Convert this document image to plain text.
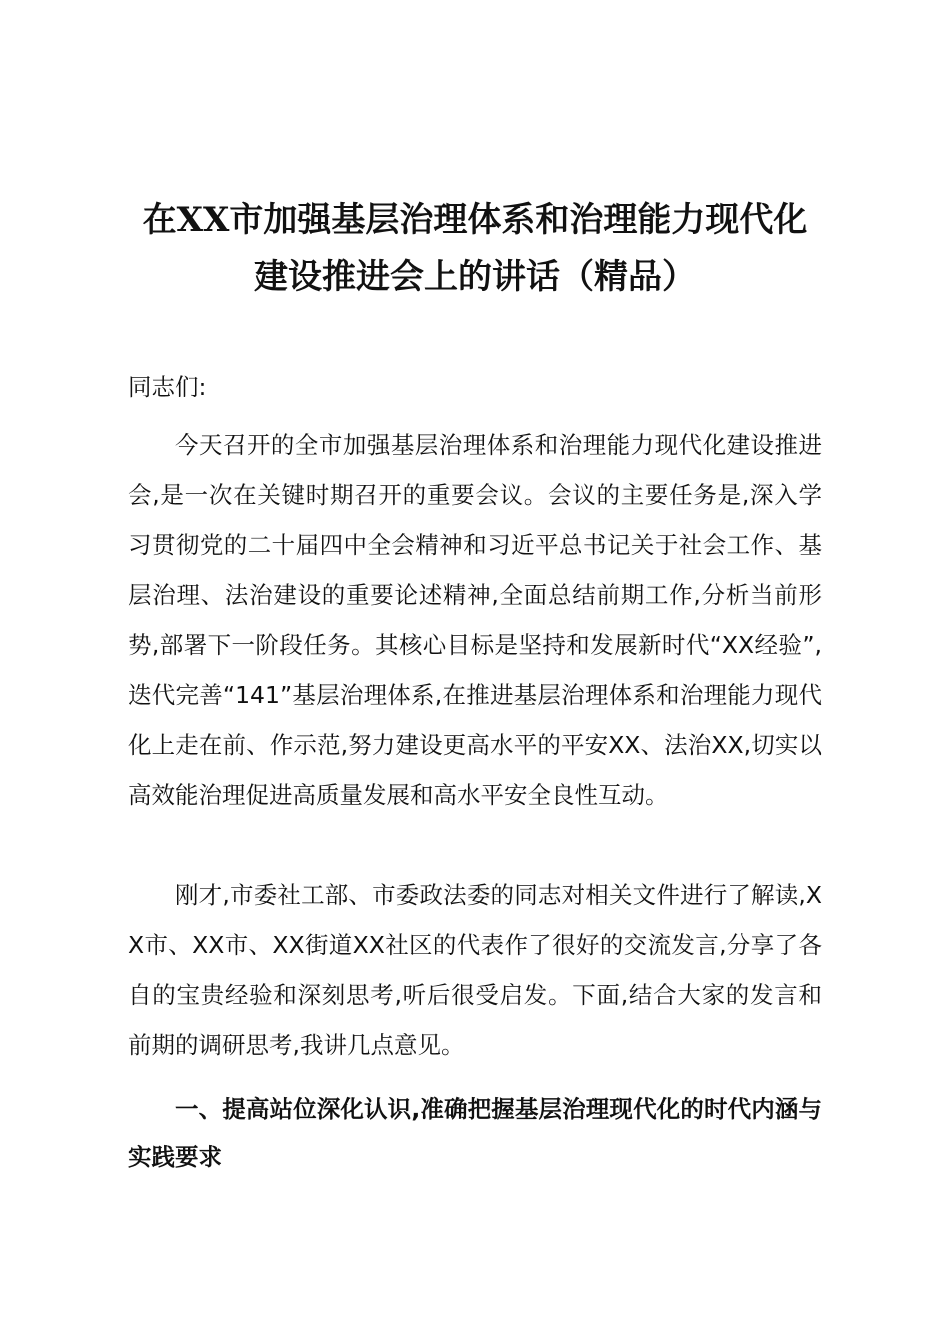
在XX市加强基层治理体系和治理能力现代化建设推进会上的讲话（精品）
同志们:
今天召开的全市加强基层治理体系和治理能力现代化建设推进会,是一次在关键时期召开的重要会议。会议的主要任务是,深入学习贯彻党的二十届四中全会精神和习近平总书记关于社会工作、基层治理、法治建设的重要论述精神,全面总结前期工作,分析当前形势,部署下一阶段任务。其核心目标是坚持和发展新时代“XX经验”,迭代完善“141”基层治理体系,在推进基层治理体系和治理能力现代化上走在前、作示范,努力建设更高水平的平安XX、法治XX,切实以高效能治理促进高质量发展和高水平安全良性互动。
刚才,市委社工部、市委政法委的同志对相关文件进行了解读,XX市、XX市、XX街道XX社区的代表作了很好的交流发言,分享了各自的宝贵经验和深刻思考,听后很受启发。下面,结合大家的发言和前期的调研思考,我讲几点意见。
一、提高站位深化认识,准确把握基层治理现代化的时代内涵与实践要求
